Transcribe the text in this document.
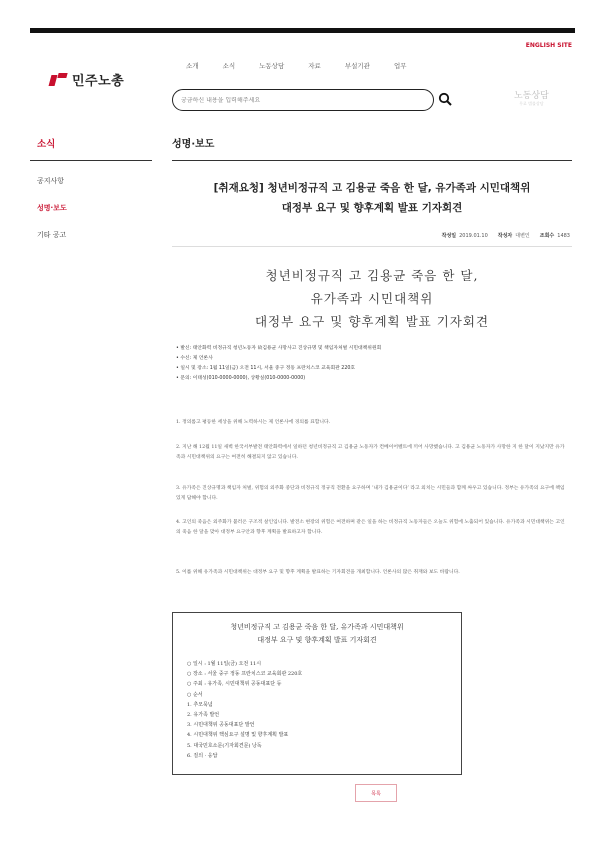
ENGLISH SITE
민주노총
소개	소식	노동상담	자료	부설기관	업무
궁금하신 내용을 입력해주세요
노동상담
무료 법률상담
소식
공지사항
성명·보도
기타 공고
성명·보도
[취재요청] 청년비정규직 고 김용균 죽음 한 달, 유가족과 시민대책위
대정부 요구 및 향후계획 발표 기자회견
작성일 2019.01.10 작성자 대변인 조회수 1483
청년비정규직 고 김용균 죽음 한 달,
유가족과 시민대책위
대정부 요구 및 향후계획 발표 기자회견
• 발신: 태안화력 비정규직 청년노동자 故김용균 사망사고 진상규명 및 책임자처벌 시민대책위원회
• 수신: 제 언론사
• 일시 및 장소: 1월 11일(금) 오전 11시, 서울 중구 정동 프란치스코 교육회관 220호
• 문의: 이태성(010-0000-0000), 상황실(010-0000-0000)
1. 정의롭고 평등한 세상을 위해 노력하시는 제 언론사에 경의를 표합니다.
2. 지난 해 12월 11일 새벽 한국서부발전 태안화력에서 일하던 청년비정규직 고 김용균 노동자가 컨베이어벨트에 끼어 사망했습니다. 고 김용균 노동자가 사망한 지 한 달이 지났지만 유가족과 시민대책위의 요구는 여전히 해결되지 않고 있습니다.
3. 유가족은 진상규명과 책임자 처벌, 위험의 외주화 중단과 비정규직 정규직 전환을 요구하며 ‘내가 김용균이다’ 라고 외치는 시민들과 함께 싸우고 있습니다. 정부는 유가족의 요구에 책임 있게 답해야 합니다.
4. 고인의 죽음은 외주화가 불러온 구조적 살인입니다. 발전소 현장의 위험은 여전하며 같은 일을 하는 비정규직 노동자들은 오늘도 위험에 노출되어 있습니다. 유가족과 시민대책위는 고인의 죽음 한 달을 맞아 대정부 요구안과 향후 계획을 발표하고자 합니다.
5. 이를 위해 유가족과 시민대책위는 대정부 요구 및 향후 계획을 발표하는 기자회견을 개최합니다. 언론사의 많은 취재와 보도 바랍니다.
청년비정규직 고 김용균 죽음 한 달, 유가족과 시민대책위
대정부 요구 및 향후계획 발표 기자회견
○ 일시 : 1월 11일(금) 오전 11시
○ 장소 : 서울 중구 정동 프란치스코 교육회관 220호
○ 주최 : 유가족, 시민대책위 공동대표단 등
○ 순서
1. 추모묵념
2. 유가족 발언
3. 시민대책위 공동대표단 발언
4. 시민대책위 핵심요구 설명 및 향후계획 발표
5. 대국민호소문(기자회견문) 낭독
6. 질의 · 응답
목록
